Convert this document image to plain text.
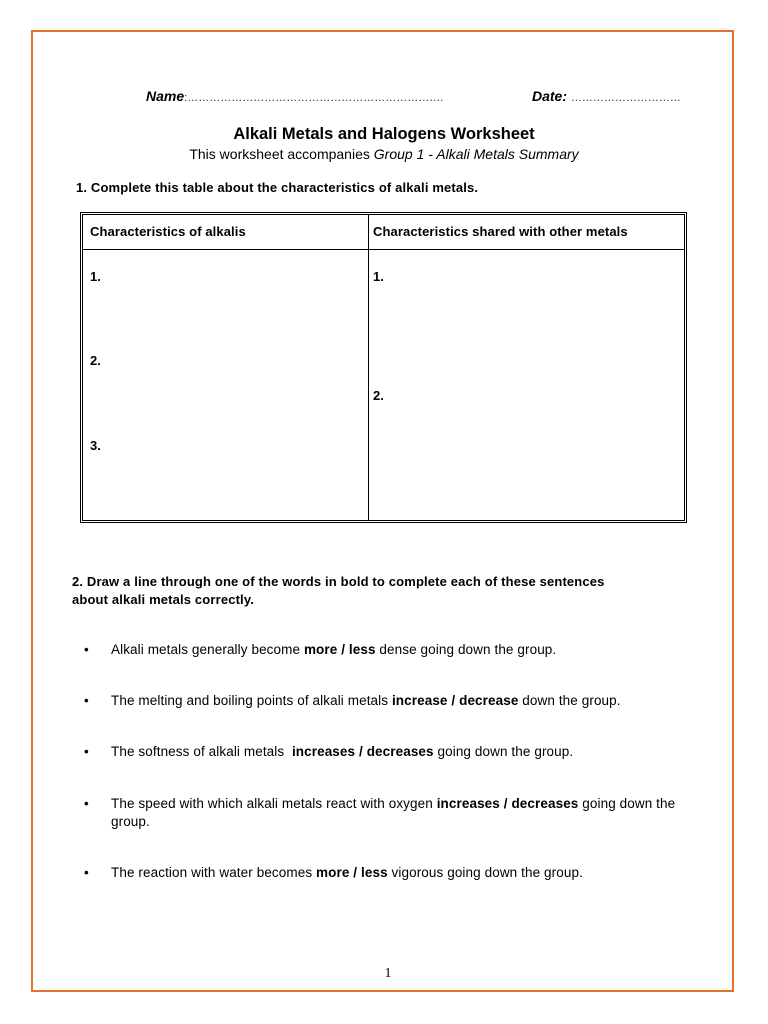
Name:…………………………………………………………….	Date: …………………………
Alkali Metals and Halogens Worksheet
This worksheet accompanies Group 1 - Alkali Metals Summary
1. Complete this table about the characteristics of alkali metals.
Characteristics of alkalis	Characteristics shared with other metals
1.
2.
3.
1.
2.
2. Draw a line through one of the words in bold to complete each of these sentences about alkali metals correctly.
• Alkali metals generally become more / less dense going down the group.
• The melting and boiling points of alkali metals increase / decrease down the group.
• The softness of alkali metals  increases / decreases going down the group.
• The speed with which alkali metals react with oxygen increases / decreases going down the group.
• The reaction with water becomes more / less vigorous going down the group.
1
